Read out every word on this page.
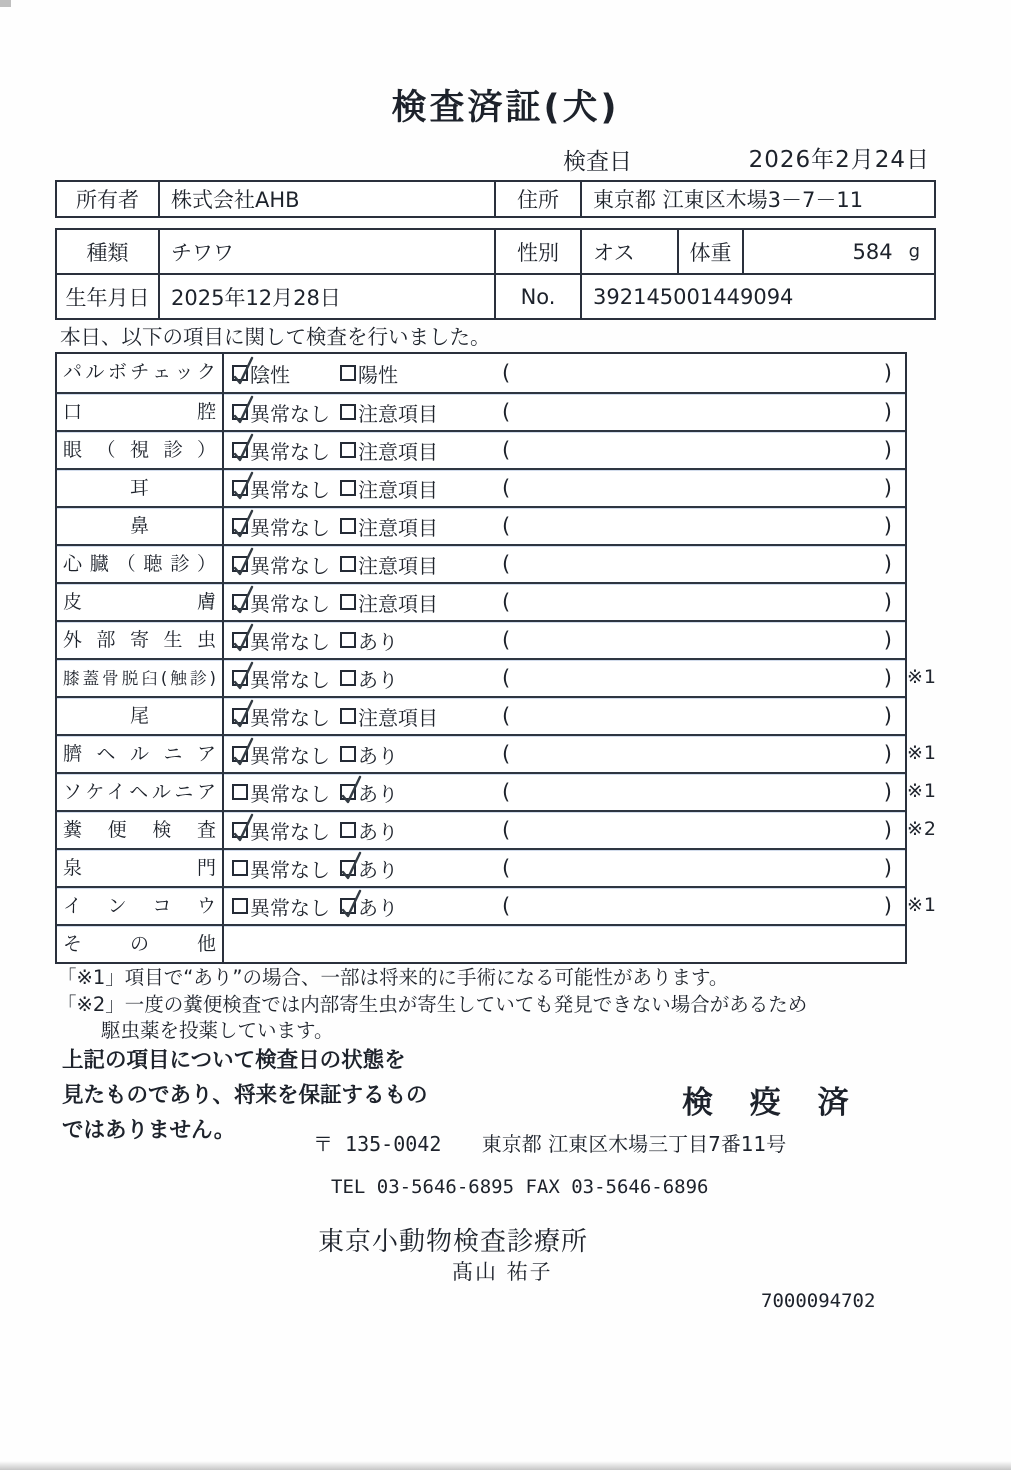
検査済証(犬)
検査日	2026年2月24日
所有者	株式会社AHB	住所	東京都 江東区木場3－7－11
種類	チワワ	性別	オス	体重	584 g
生年月日	2025年12月28日	No.	392145001449094
本日、以下の項目に関して検査を行いました。
パルボチェック	陰性	陽性	(	)
口腔	異常なし 注意項目	(	)
眼（視診）	異常なし 注意項目	(	)
耳	異常なし 注意項目	(	)
鼻	異常なし 注意項目	(	)
心臓（聴診）	異常なし 注意項目	(	)
皮膚	異常なし 注意項目	(	)
外部寄生虫	異常なし あり	(	)
膝蓋骨脱臼(触診)	異常なし あり	(	) ※1
尾	異常なし 注意項目	(	)
臍ヘルニア	異常なし あり	(	) ※1
ソケイヘルニア	異常なし あり	(	) ※1
糞便検査	異常なし あり	(	) ※2
泉門	異常なし あり	(	)
インコウ	異常なし あり	(	) ※1
その他
「※1」項目で“あり”の場合、一部は将来的に手術になる可能性があります。
「※2」一度の糞便検査では内部寄生虫が寄生していても発見できない場合があるため
駆虫薬を投薬しています。
上記の項目について検査日の状態を
見たものであり、将来を保証するもの
ではありません。
検 疫 済
〒 135-0042 東京都 江東区木場三丁目7番11号
TEL 03-5646-6895 FAX 03-5646-6896
東京小動物検査診療所
髙山 祐子
7000094702
